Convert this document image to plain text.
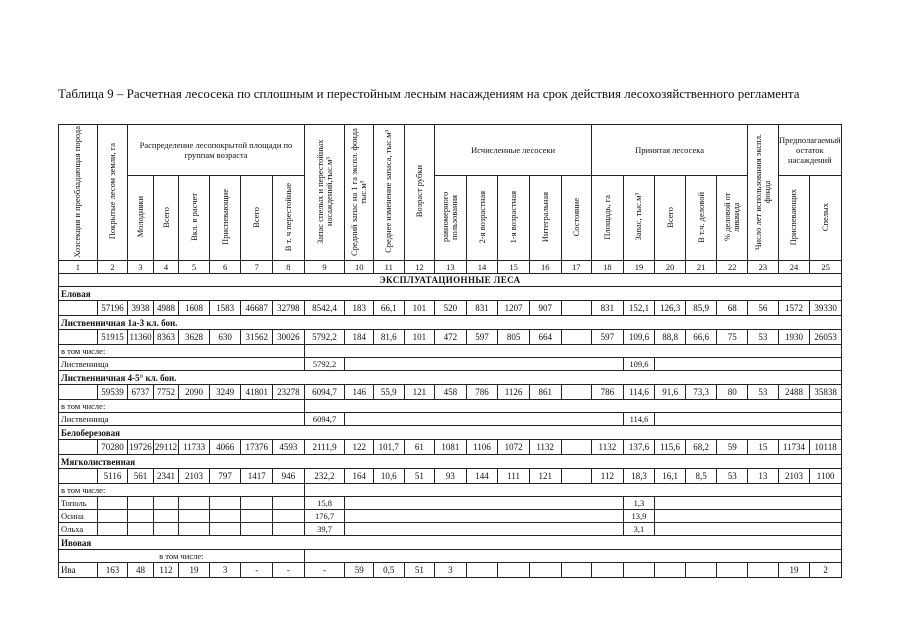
Таблица 9 – Расчетная лесосека по сплошным и перестойным лесным насаждениям на срок действия лесохозяйственного регламента
Хозсекция и преобладающая порода	Покрытые лесом земли, га	Распределение лесопокрытой площади по группам возраста						Запас спелых и перестойных насаждений,тыс.м³	Средний запас на 1 га экспл. фонда тыс.м³	Среднее изменение запаса, тыс.м³	Возраст рубки	Исчисленные лесосеки					Принятая лесосека					Число лет использования экспл. фонда	Предполагаемый остаток насаждений	
		Молодняки	Всего	Вкл. в расчет	Приспевающие	Всего	В т. ч перестойные					равномерного пользования	2-я возрастная	1-я возрастная	Интегральная	Состояние	Площадь, га	Запас, тыс.м³	Всего	В т.ч. деловой	% деловой от ликвида		Приспевающих	Спелых
1	2	3	4	5	6	7	8	9	10	11	12	13	14	15	16	17	18	19	20	21	22	23	24	25
ЭКСПЛУАТАЦИОННЫЕ ЛЕСА																								
Еловая																								
	57196	3938	4988	1608	1583	46687	32798	8542,4	183	66,1	101	520	831	1207	907		831	152,1	126,3	85,9	68	56	1572	39330
Лиственничная 1а-3 кл. бон.																								
	51915	11360	8363	3628	630	31562	30026	5792,2	184	81,6	101	472	597	805	664		597	109,6	88,8	66,6	75	53	1930	26053
в том числе:																								
Лиственница								5792,2										109,6						
Лиственничная 4-5° кл. бон.																								
	59539	6737	7752	2090	3249	41801	23278	6094,7	146	55,9	121	458	786	1126	861		786	114,6	91,6	73,3	80	53	2488	35838
в том числе:																								
Лиственница								6094,7										114,6						
Белоберезовая																								
	70280	19726	29112	11733	4066	17376	4593	2111,9	122	101,7	61	1081	1106	1072	1132		1132	137,6	115,6	68,2	59	15	11734	10118
Мягколиственная																								
	5116	561	2341	2103	797	1417	946	232,2	164	10,6	51	93	144	111	121		112	18,3	16,1	8,5	53	13	2103	1100
в том числе:																								
Тополь								15,8										1,3						
Осина								176,7										13,9						
Ольха								39,7										3,1						
Ивовая																								
в том числе:																								
Ива	163	48	112	19	3	-	-	-	59	0,5	51	3											19	2
